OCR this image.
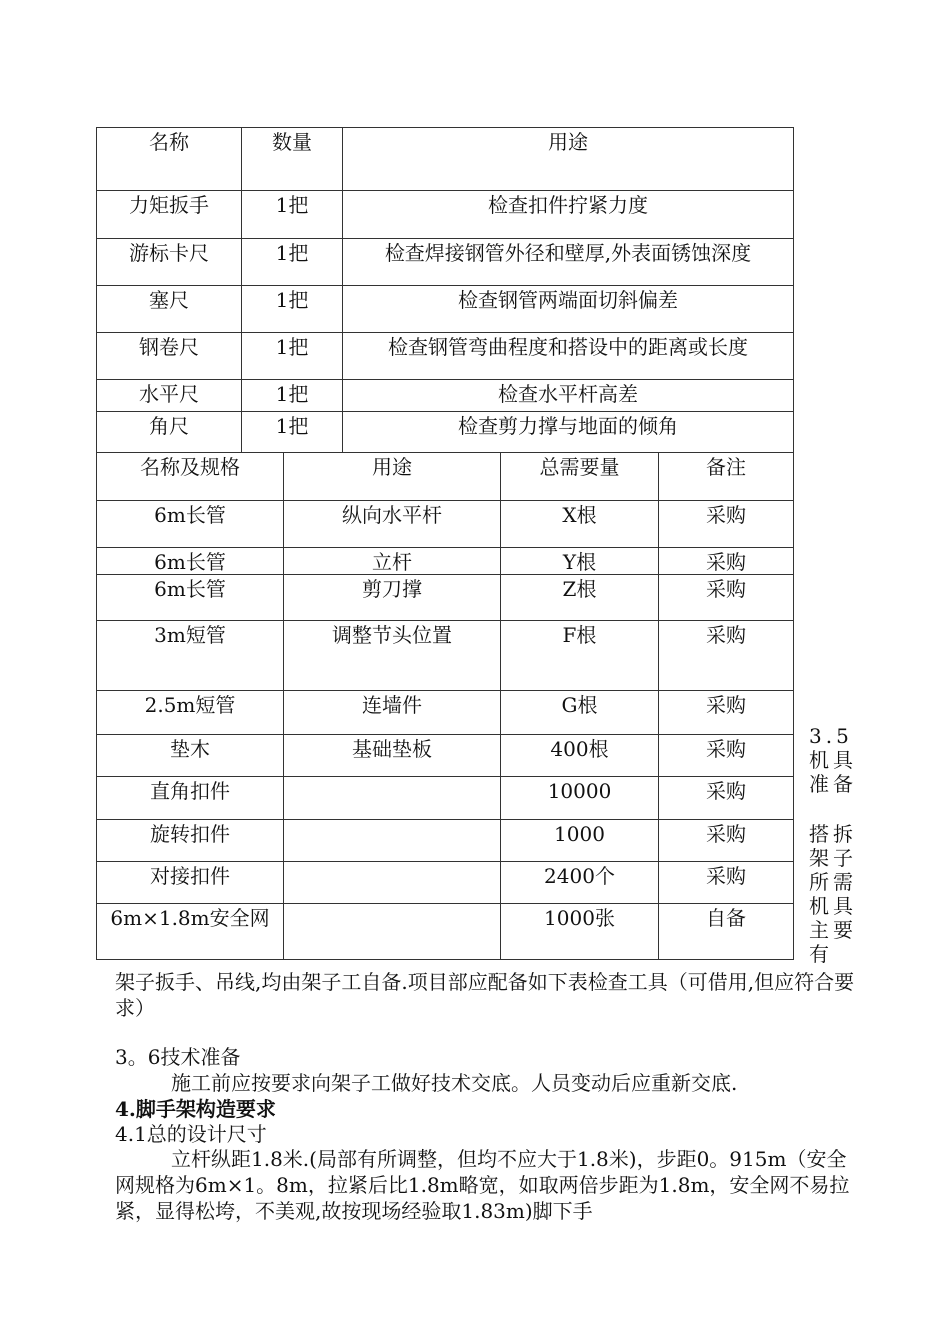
名称	数量	用途

力矩扳手	1把	检查扣件拧紧力度

游标卡尺	1把	检查焊接钢管外径和壁厚,外表面锈蚀深度

塞尺	1把	检查钢管两端面切斜偏差

钢卷尺	1把	检查钢管弯曲程度和搭设中的距离或长度

水平尺	1把	检查水平杆高差

角尺	1把	检查剪力撑与地面的倾角
名称及规格	用途	总需要量	备注

6m长管	纵向水平杆	X根	采购

6m长管	立杆	Y根	采购

6m长管	剪刀撑	Z根	采购

3m短管	调整节头位置	F根	采购

2.5m短管	连墙件	G根	采购

垫木	基础垫板	400根	采购

直角扣件		10000	采购

旋转扣件		1000	采购

对接扣件		2400个	采购

6m×1.8m安全网		1000张	自备
3.5 机具准备
搭拆架子所需机具主要有
架子扳手、吊线,均由架子工自备.项目部应配备如下表检查工具（可借用,但应符合要求）
3。6技术准备
施工前应按要求向架子工做好技术交底。人员变动后应重新交底.
4.脚手架构造要求
4.1总的设计尺寸
立杆纵距1.8米.(局部有所调整，但均不应大于1.8米)，步距0。915m（安全网规格为6m×1。8m，拉紧后比1.8m略宽，如取两倍步距为1.8m，安全网不易拉紧，显得松垮，不美观,故按现场经验取1.83m)脚下手
